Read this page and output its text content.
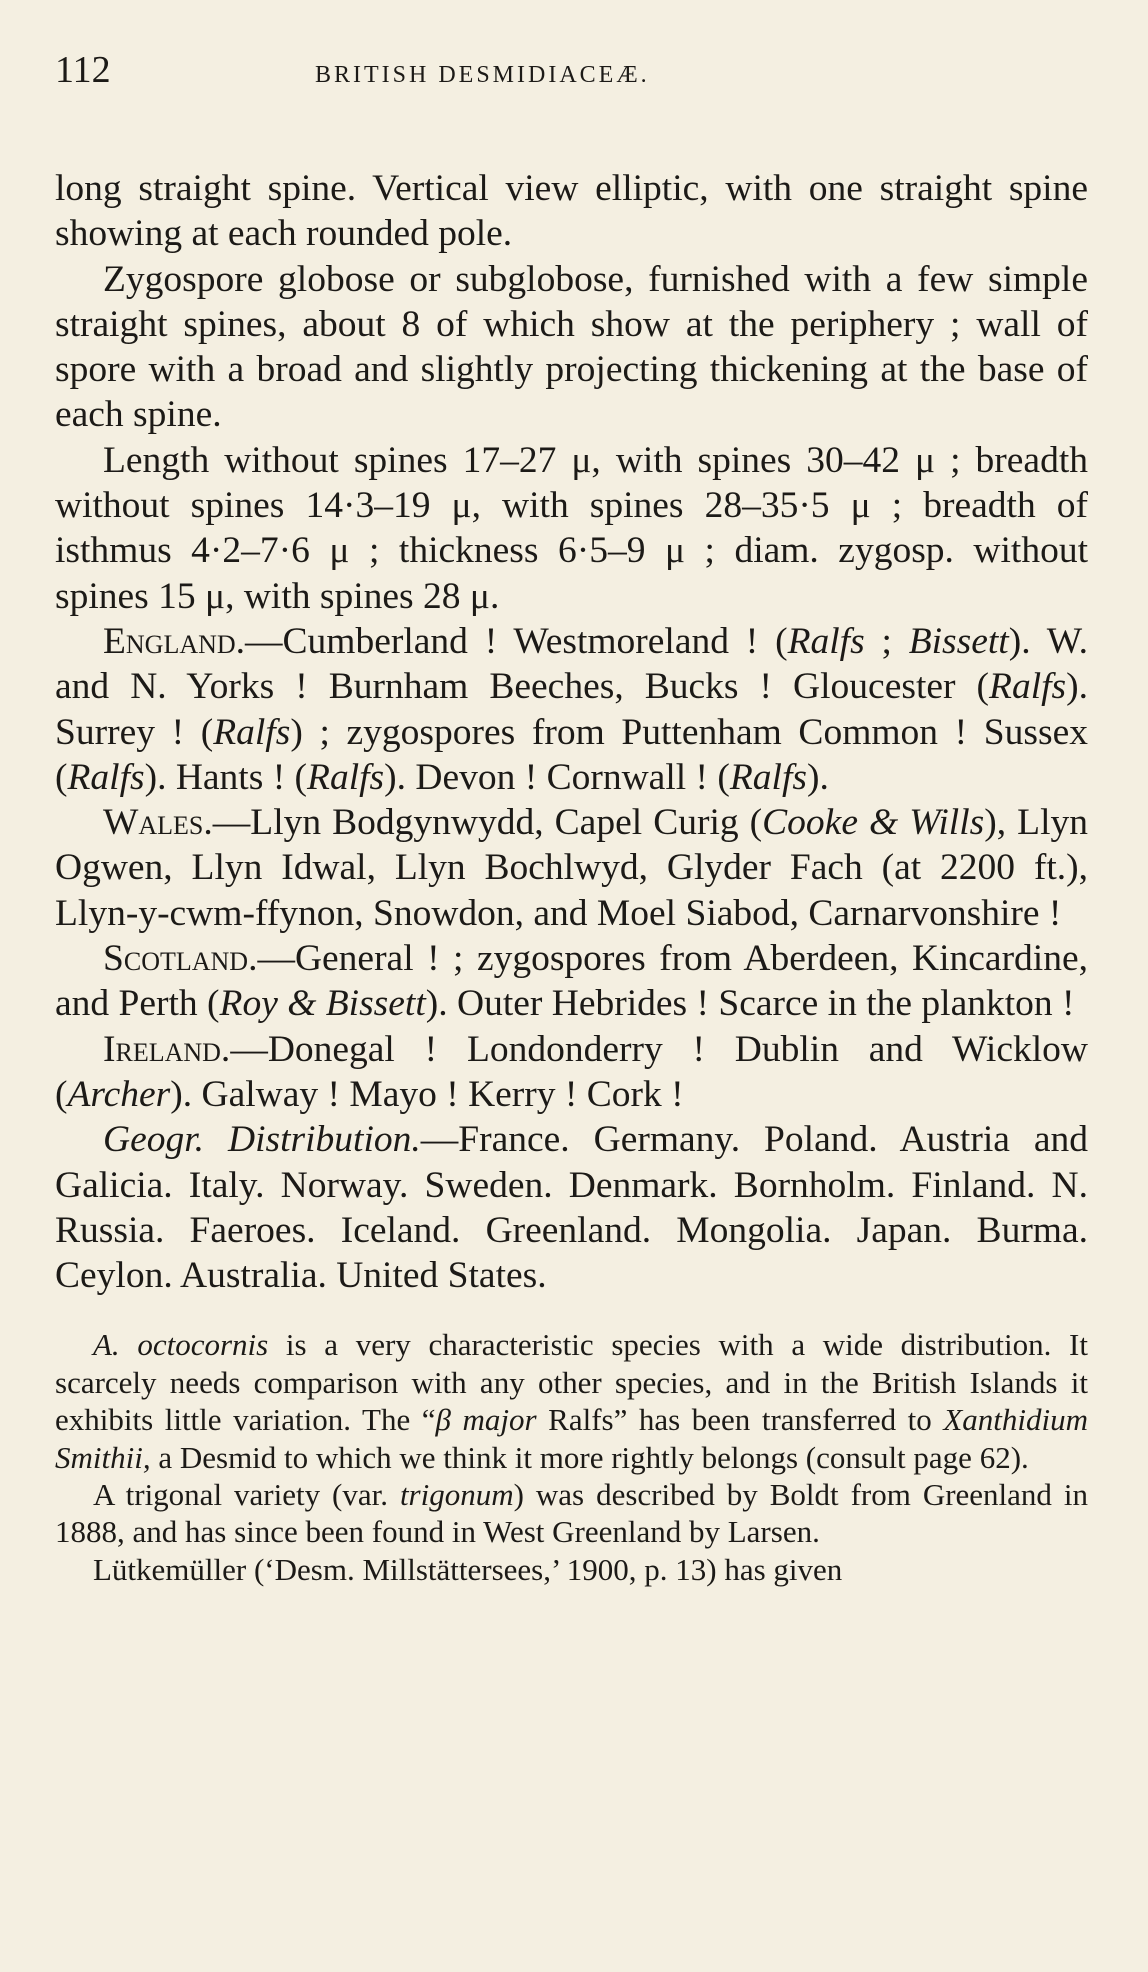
112	BRITISH DESMIDIACEÆ.

long straight spine. Vertical view elliptic, with one straight spine showing at each rounded pole.

Zygospore globose or subglobose, furnished with a few simple straight spines, about 8 of which show at the periphery ; wall of spore with a broad and slightly projecting thickening at the base of each spine.

Length without spines 17–27 μ, with spines 30–42 μ ; breadth without spines 14·3–19 μ, with spines 28–35·5 μ ; breadth of isthmus 4·2–7·6 μ ; thickness 6·5–9 μ ; diam. zygosp. without spines 15 μ, with spines 28 μ.

England.—Cumberland ! Westmoreland ! (Ralfs ; Bissett). W. and N. Yorks ! Burnham Beeches, Bucks ! Gloucester (Ralfs). Surrey ! (Ralfs) ; zygospores from Puttenham Common ! Sussex (Ralfs). Hants ! (Ralfs). Devon ! Cornwall ! (Ralfs).

Wales.—Llyn Bodgynwydd, Capel Curig (Cooke & Wills), Llyn Ogwen, Llyn Idwal, Llyn Bochlwyd, Glyder Fach (at 2200 ft.), Llyn-y-cwm-ffynon, Snowdon, and Moel Siabod, Carnarvonshire !

Scotland.—General ! ; zygospores from Aberdeen, Kincardine, and Perth (Roy & Bissett). Outer Hebrides ! Scarce in the plankton !

Ireland.—Donegal ! Londonderry ! Dublin and Wicklow (Archer). Galway ! Mayo ! Kerry ! Cork !

Geogr. Distribution.—France. Germany. Poland. Austria and Galicia. Italy. Norway. Sweden. Denmark. Bornholm. Finland. N. Russia. Faeroes. Iceland. Greenland. Mongolia. Japan. Burma. Ceylon. Australia. United States.

A. octocornis is a very characteristic species with a wide distribution. It scarcely needs comparison with any other species, and in the British Islands it exhibits little variation. The “β major Ralfs” has been transferred to Xanthidium Smithii, a Desmid to which we think it more rightly belongs (consult page 62).

A trigonal variety (var. trigonum) was described by Boldt from Greenland in 1888, and has since been found in West Greenland by Larsen.

Lütkemüller (‘Desm. Millstättersees,’ 1900, p. 13) has given
